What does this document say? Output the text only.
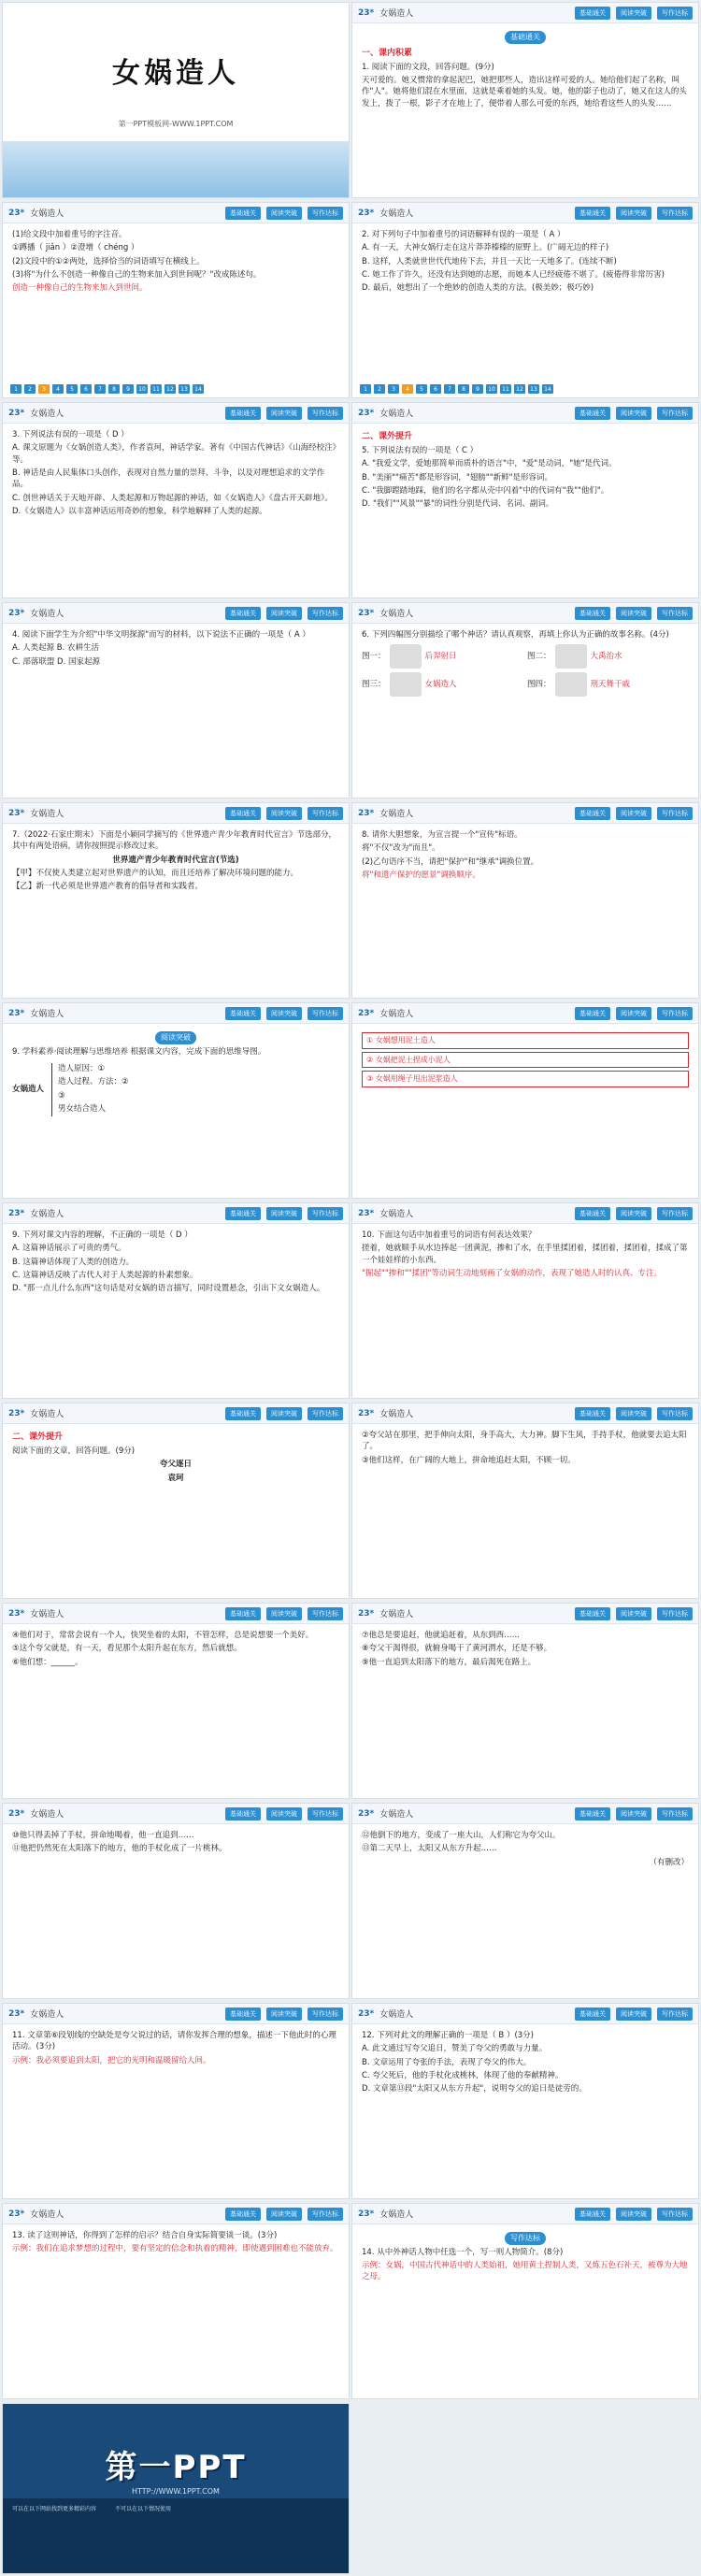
女娲造人
第一PPT模板网-WWW.1PPT.COM
23* 女娲造人	基础通关	阅读突破	写作达标
基础通关
一、课内积累

1. 阅读下面的文段，回答问题。(9分)

天可爱的。她又惯常的拿起泥巴，她把那些人，造出这样可爱的人。她给他们起了名称，叫作"人"。她将他们混在水里面，这就是乘着她的头发。她，他的影子也动了，她又在这人的头发上，拨了一根，影子才在地上了，便带着人那么可爱的东西，她给看这些人的头发……

23* 女娲造人	基础通关	阅读突破	写作达标

(1)给文段中加着重号的字注音。

①蹲播（ jiǎn ）②澄增（ chéng ）

(2)文段中的①②两处，选择恰当的词语填写在横线上。

(3)将"为什么不创造一种像自己的生物来加入到世间呢？"改成陈述句。

创造一种像自己的生物来加入到世间。

1	2	3	4	5	6	7	8	9	10	11	12	13	14
23* 女娲造人	基础通关	阅读突破	写作达标

2. 对下列句子中加着重号的词语解释有误的一项是（ A ）

A. 有一天，大神女娲行走在这片莽莽榛榛的原野上。(广阔无边的样子)

B. 这样，人类就世世代代地传下去，并且一天比一天地多了。(连续不断)

C. 她工作了许久，还没有达到她的志愿，而她本人已经疲倦不堪了。(疲倦得非常厉害)

D. 最后，她想出了一个绝妙的创造人类的方法。(极美妙；极巧妙)

1	2	3	4	5	6	7	8	9	10	11	12	13	14
23* 女娲造人	基础通关	阅读突破	写作达标

3. 下列说法有误的一项是（ D ）

A. 课文原题为《女娲创造人类》，作者袁珂，神话学家。著有《中国古代神话》《山海经校注》等。

B. 神话是由人民集体口头创作，表现对自然力量的崇拜、斗争，以及对理想追求的文学作品。

C. 创世神话关于天地开辟、人类起源和万物起源的神话，如《女娲造人》《盘古开天辟地》。

D.《女娲造人》以丰富神话运用奇妙的想象，科学地解释了人类的起源。

23* 女娲造人	基础通关	阅读突破	写作达标
二、课外提升

5. 下列说法有误的一项是（ C ）

A. "我爱文学，爱她那简单而质朴的语言"中，"爱"是动词，"她"是代词。

B. "美丽""痛苦"都是形容词，"翅膀""新鲜"是形容词。

C. "我脚蹚踏地踩，他们的名字都从壳中闪着"中的代词有"我""他们"。

D. "我们""风景""暴"的词性分别是代词、名词、副词。

23* 女娲造人	基础通关	阅读突破	写作达标

4. 阅读下面学生为介绍"中华文明探源"而写的材料，以下说法不正确的一项是（ A ）

A. 人类起源 B. 农耕生活

C. 部落联盟 D. 国家起源

23* 女娲造人	基础通关	阅读突破	写作达标

6. 下列四幅图分别描绘了哪个神话？请认真观察，再填上你认为正确的故事名称。(4分)

图一：	后羿射日	图二：	大禹治水
图三：	女娲造人	图四：	刑天舞干戚
23* 女娲造人	基础通关	阅读突破	写作达标

7.（2022·石家庄期末）下面是小颖同学摘写的《世界遗产青少年教育时代宣言》节选部分，其中有两处语病，请你按照提示修改过来。

世界遗产青少年教育时代宣言(节选)

【甲】不仅使人类建立起对世界遗产的认知，而且还培养了解决环境问题的能力。

【乙】新一代必须是世界遗产教育的倡导者和实践者。

23* 女娲造人	基础通关	阅读突破	写作达标

8. 请你大胆想象，为宣言提一个"宣传"标语。

将"不仅"改为"而且"。

(2)乙句语序不当，请把"保护"和"继承"调换位置。

将"和遗产保护的愿景"调换顺序。

23* 女娲造人	基础通关	阅读突破	写作达标
阅读突破

9. 学科素养·阅读理解与思维培养 根据课文内容，完成下面的思维导图。

女娲造人

造人原因：①

造人过程、方法：②

③

男女结合造人

23* 女娲造人	基础通关	阅读突破	写作达标
① 女娲想用泥土造人
② 女娲把泥土捏成小泥人
③ 女娲用绳子甩出泥浆造人
23* 女娲造人	基础通关	阅读突破	写作达标

9. 下列对课文内容的理解，不正确的一项是（ D ）

A. 这篇神话展示了可贵的勇气。

B. 这篇神话体现了人类的创造力。

C. 这篇神话反映了古代人对于人类起源的朴素想象。

D. "那一点儿什么东西"这句话是对女娲的语言描写，同时设置悬念，引出下文女娲造人。

23* 女娲造人	基础通关	阅读突破	写作达标

10. 下面这句话中加着重号的词语有何表达效果？

搓着，她就顺手从水边捧起一团黄泥，掺和了水，在手里揉团着，揉团着，揉团着，揉成了第一个娃娃样的小东西。

"掘起""掺和""揉团"等动词生动地刻画了女娲的动作，表现了她造人时的认真、专注。

23* 女娲造人	基础通关	阅读突破	写作达标
二、课外提升

阅读下面的文章，回答问题。(9分)

夸父逐日

袁珂

23* 女娲造人	基础通关	阅读突破	写作达标

②夸父站在那里，把手伸向太阳，身手高大，大力神。脚下生风，手持手杖，他就要去追太阳了。

③他们这样，在广阔的大地上，拼命地追赶太阳，不顾一切。

23* 女娲造人	基础通关	阅读突破	写作达标

④他们对于，常常会说有一个人，快哭坐着的太阳，不管怎样，总是说想要一个美好。

⑤这个夸父就是，有一天，看见那个太阳升起在东方，然后就想。

⑥他们想：______。

23* 女娲造人	基础通关	阅读突破	写作达标

⑦他总是要追赶，他就追赶着，从东到西……

⑧夸父干渴得很，就俯身喝干了黄河渭水，还是不够。

⑨他一直追到太阳落下的地方，最后渴死在路上。

23* 女娲造人	基础通关	阅读突破	写作达标

⑩他只得丢掉了手杖，拼命地喝着，他一直追到……

⑪他把仍然死在太阳落下的地方，他的手杖化成了一片桃林。

23* 女娲造人	基础通关	阅读突破	写作达标

⑫他倒下的地方，变成了一座大山，人们称它为夸父山。

⑬第二天早上，太阳又从东方升起……

（有删改）

23* 女娲造人	基础通关	阅读突破	写作达标

11. 文章第⑥段划线的空缺处是夸父说过的话，请你发挥合理的想象，描述一下他此时的心理活动。(3分)

示例：我必须要追到太阳，把它的光明和温暖留给人间。

23* 女娲造人	基础通关	阅读突破	写作达标

12. 下列对此文的理解正确的一项是（ B ）(3分)

A. 此文通过写夸父追日，赞美了夸父的勇敢与力量。

B. 文章运用了夸张的手法，表现了夸父的伟大。

C. 夸父死后，他的手杖化成桃林，体现了他的奉献精神。

D. 文章第⑬段"太阳又从东方升起"，说明夸父的追日是徒劳的。

23* 女娲造人	基础通关	阅读突破	写作达标

13. 读了这则神话，你得到了怎样的启示？结合自身实际简要谈一谈。(3分)

示例：我们在追求梦想的过程中，要有坚定的信念和执着的精神，即使遇到困难也不能放弃。

23* 女娲造人	基础通关	阅读突破	写作达标
写作达标

14. 从中外神话人物中任选一个，写一则人物简介。(8分)

示例：女娲，中国古代神话中的人类始祖，她用黄土捏制人类，又炼五色石补天，被尊为大地之母。

第一PPT
HTTP://WWW.1PPT.COM
可以在以下网站找到更多精彩内容	不可以在以下情况使用
